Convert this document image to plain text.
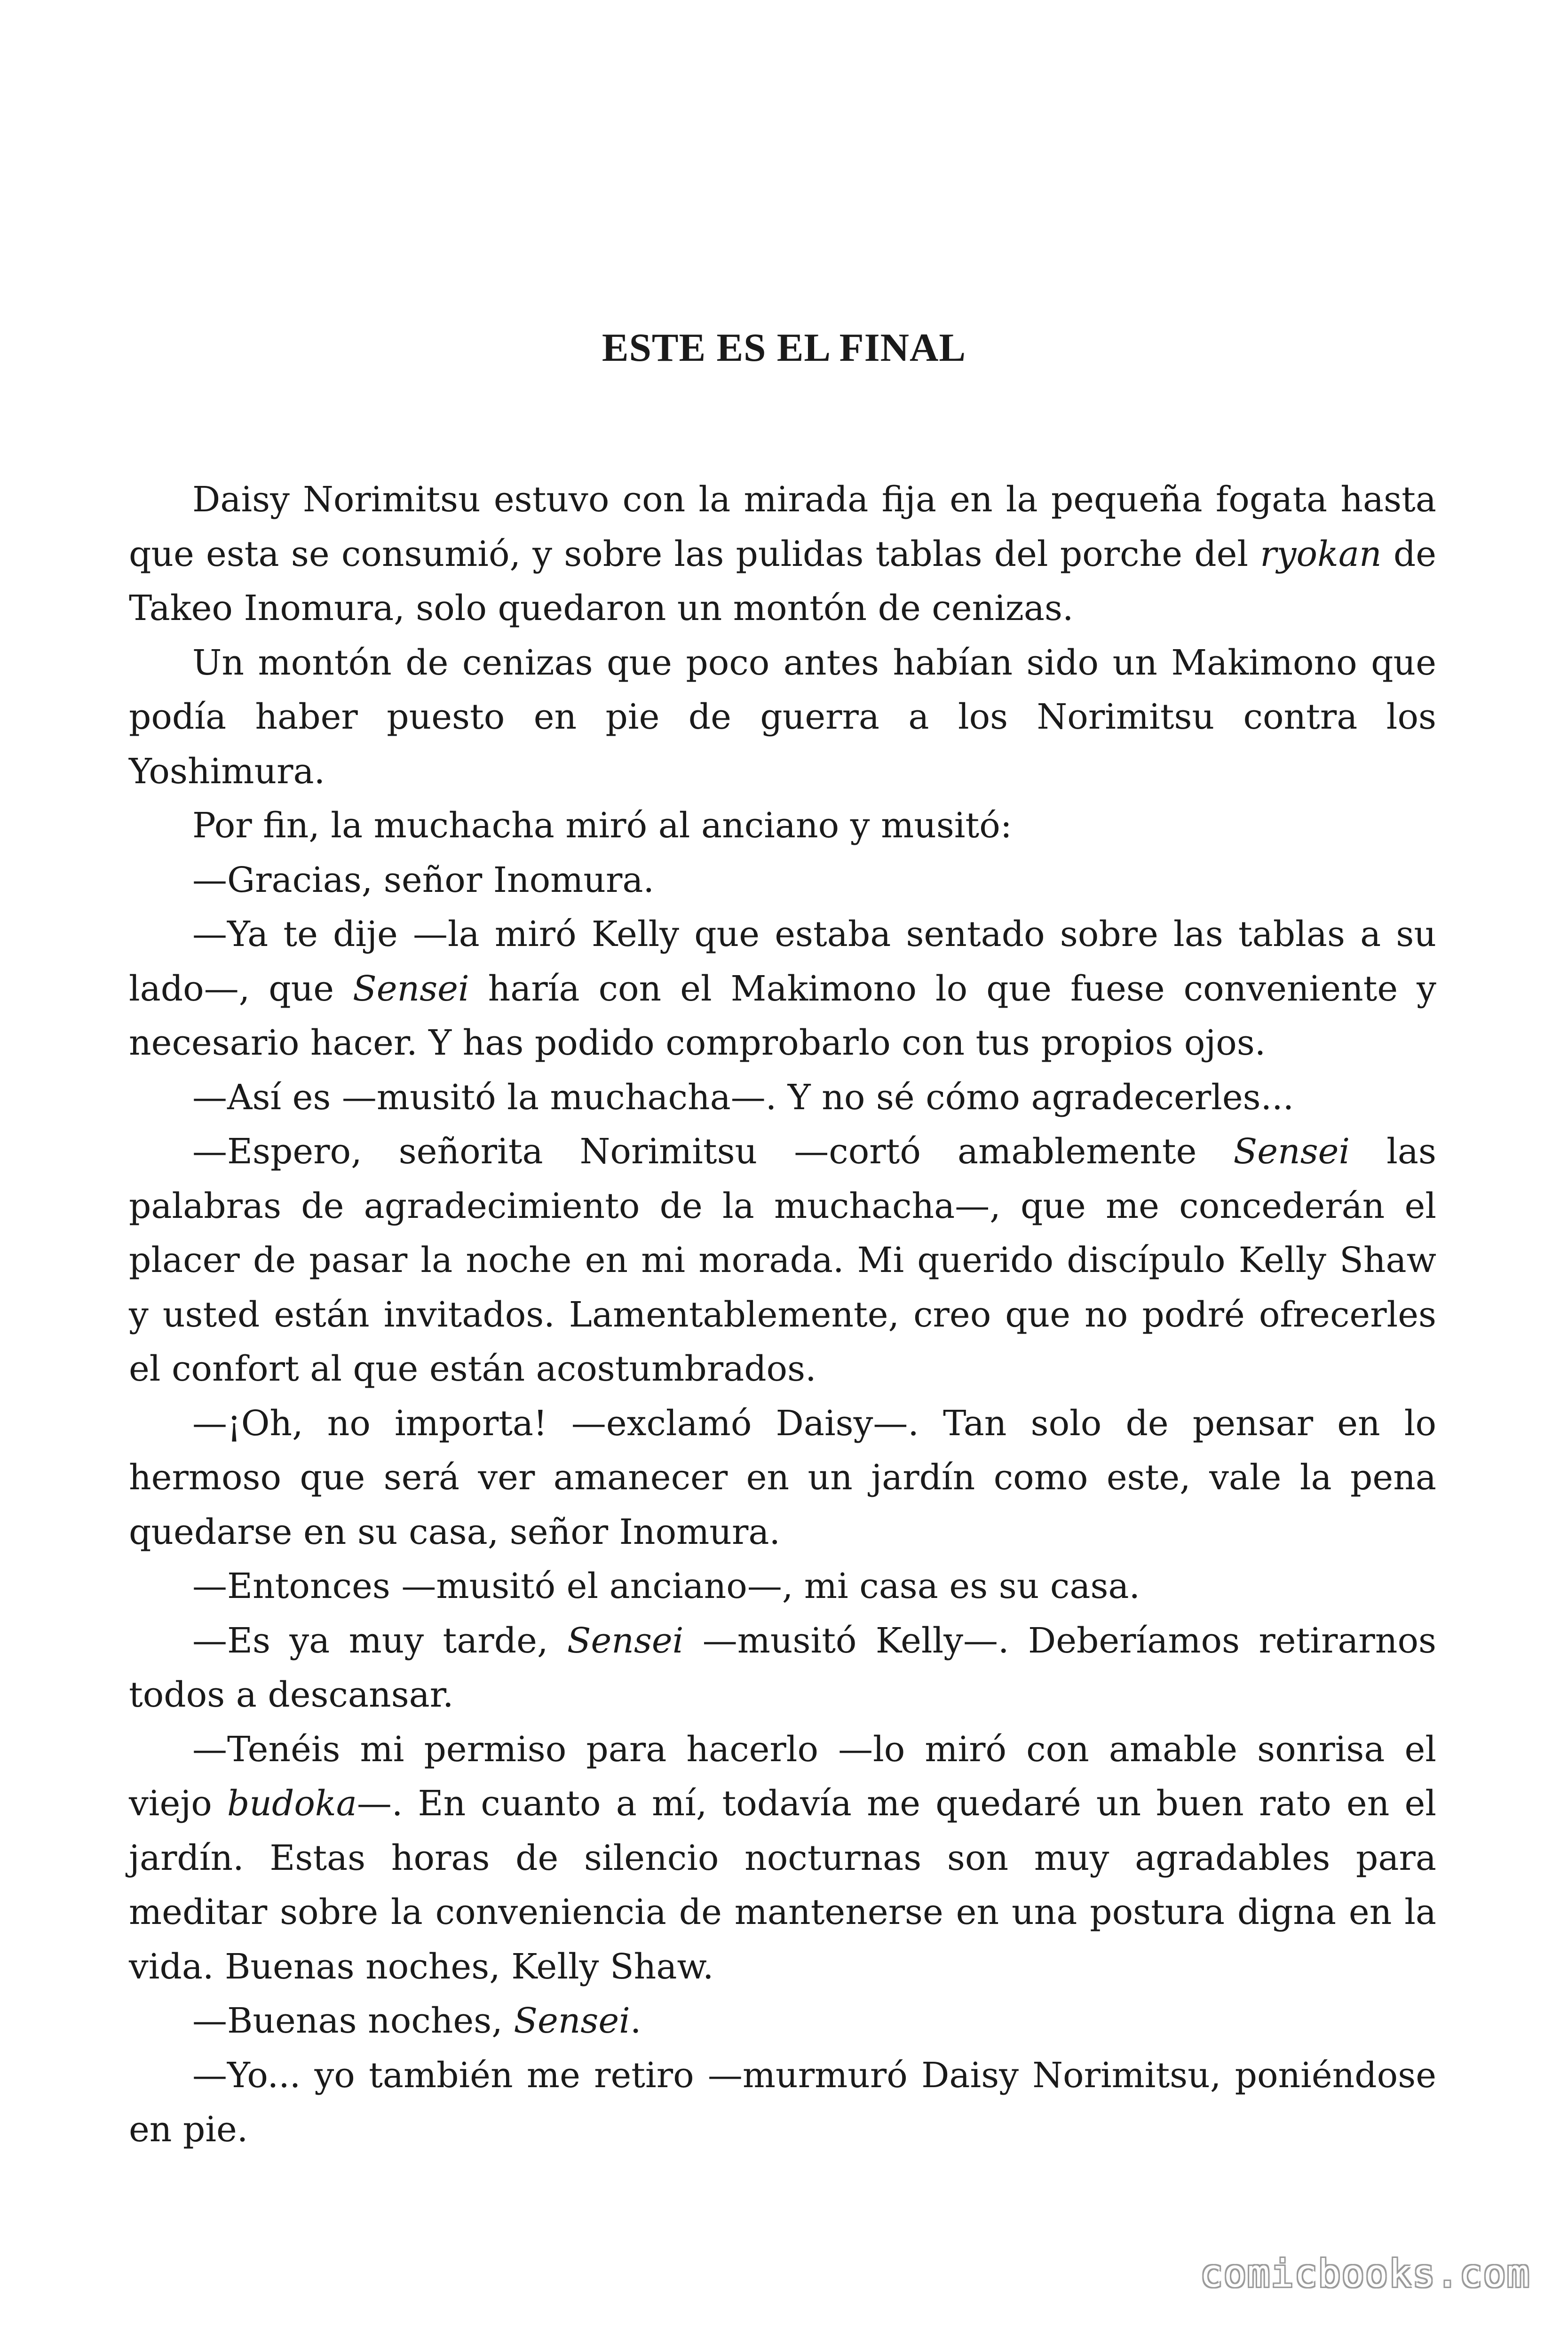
ESTE ES EL FINAL

Daisy Norimitsu estuvo con la mirada fija en la pequeña fogata hasta que esta se consumió, y sobre las pulidas tablas del porche del ryokan de Takeo Inomura, solo quedaron un montón de cenizas.

Un montón de cenizas que poco antes habían sido un Makimono que podía haber puesto en pie de guerra a los Norimitsu contra los Yoshimura.

Por fin, la muchacha miró al anciano y musitó:

—Gracias, señor Inomura.

—Ya te dije —la miró Kelly que estaba sentado sobre las tablas a su lado—, que Sensei haría con el Makimono lo que fuese conveniente y necesario hacer. Y has podido comprobarlo con tus propios ojos.

—Así es —musitó la muchacha—. Y no sé cómo agradecerles...

—Espero, señorita Norimitsu —cortó amablemente Sensei las palabras de agradecimiento de la muchacha—, que me concederán el placer de pasar la noche en mi morada. Mi querido discípulo Kelly Shaw y usted están invitados. Lamentablemente, creo que no podré ofrecerles el confort al que están acostumbrados.

—¡Oh, no importa! —exclamó Daisy—. Tan solo de pensar en lo hermoso que será ver amanecer en un jardín como este, vale la pena quedarse en su casa, señor Inomura.

—Entonces —musitó el anciano—, mi casa es su casa.

—Es ya muy tarde, Sensei —musitó Kelly—. Deberíamos retirarnos todos a descansar.

—Tenéis mi permiso para hacerlo —lo miró con amable sonrisa el viejo budoka—. En cuanto a mí, todavía me quedaré un buen rato en el jardín. Estas horas de silencio nocturnas son muy agradables para meditar sobre la conveniencia de mantenerse en una postura digna en la vida. Buenas noches, Kelly Shaw.

—Buenas noches, Sensei.

—Yo... yo también me retiro —murmuró Daisy Norimitsu, poniéndose en pie.

comicbooks.com
